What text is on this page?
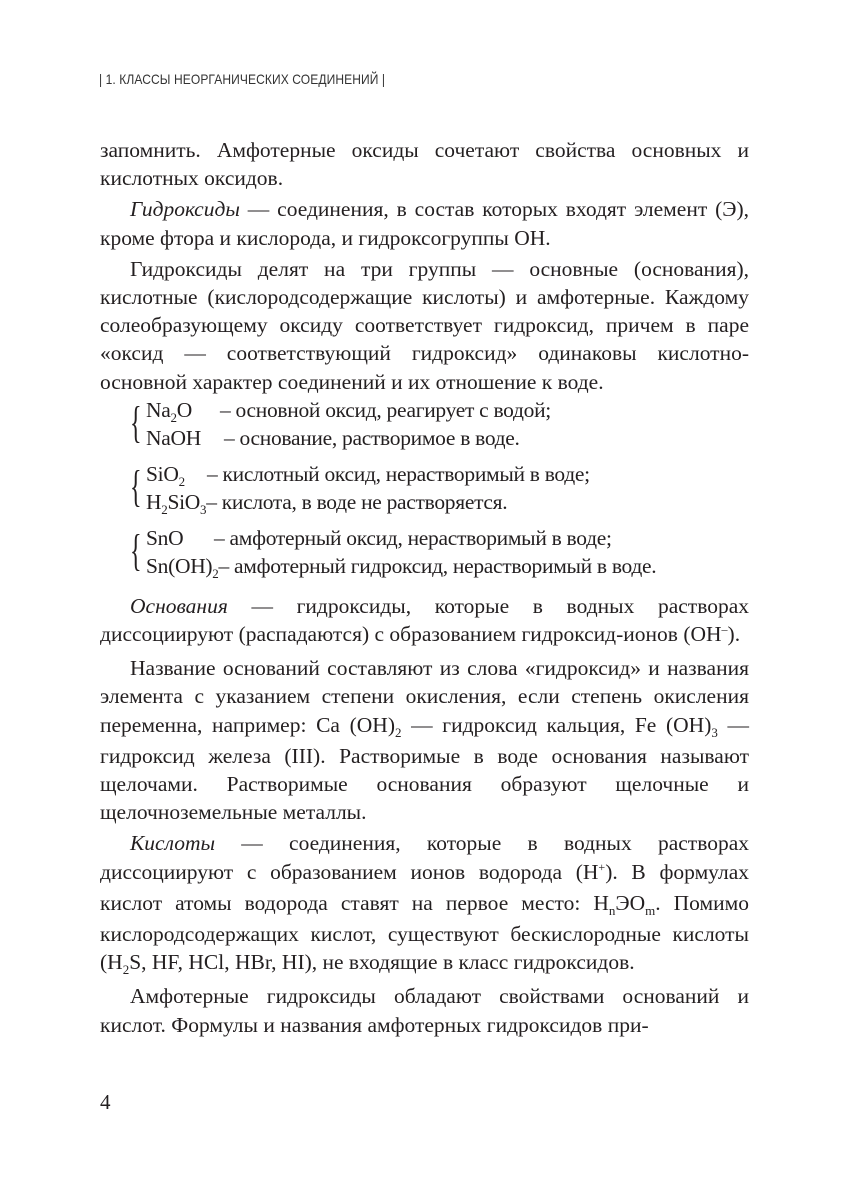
| 1. КЛАССЫ НЕОРГАНИЧЕСКИХ СОЕДИНЕНИЙ |

запомнить. Амфотерные оксиды сочетают свойства основных и кислотных оксидов.

Гидроксиды — соединения, в состав которых входят элемент (Э), кроме фтора и кислорода, и гидроксогруппы ОН.

Гидроксиды делят на три группы — основные (основания), кислотные (кислородсодержащие кислоты) и амфотерные. Каждому солеобразующему оксиду соответствует гидроксид, причем в паре «оксид — соответствующий гидроксид» одинаковы кислотно-основной характер соединений и их отношение к воде.

{ $Na_2O$ – основной оксид, реагирует с водой;
NaOH – основание, растворимое в воде.
{ SiO$_2$ – кислотный оксид, нерастворимый в воде;
$H_2SiO_3-$ кислота, в воде не растворяется.
{ SnO – амфотерный оксид, нерастворимый в воде;
$Sn(OH)_2-$ амфотерный гидроксид, нерастворимый в воде.

Основания — гидроксиды, которые в водных растворах диссоциируют (распадаются) с образованием гидроксид-ионов (ОН–).

Название оснований составляют из слова «гидроксид» и названия элемента с указанием степени окисления, если степень окисления переменна, например: Ca $(OH)_2$ — гидроксид кальция, Fe $(OH)_3$ — гидроксид железа (III). Растворимые в воде основания называют щелочами. Растворимые основания образуют щелочные и щелочноземельные металлы.

Кислоты — соединения, которые в водных растворах диссоциируют с образованием ионов водорода (Н+). В формулах кислот атомы водорода ставят на первое место: $H_nЭO_m$. Помимо кислородсодержащих кислот, существуют бескислородные кислоты ($H_2S$, HF, HCl, HBr, HI), не входящие в класс гидроксидов.

Амфотерные гидроксиды обладают свойствами оснований и кислот. Формулы и названия амфотерных гидроксидов при-

4
